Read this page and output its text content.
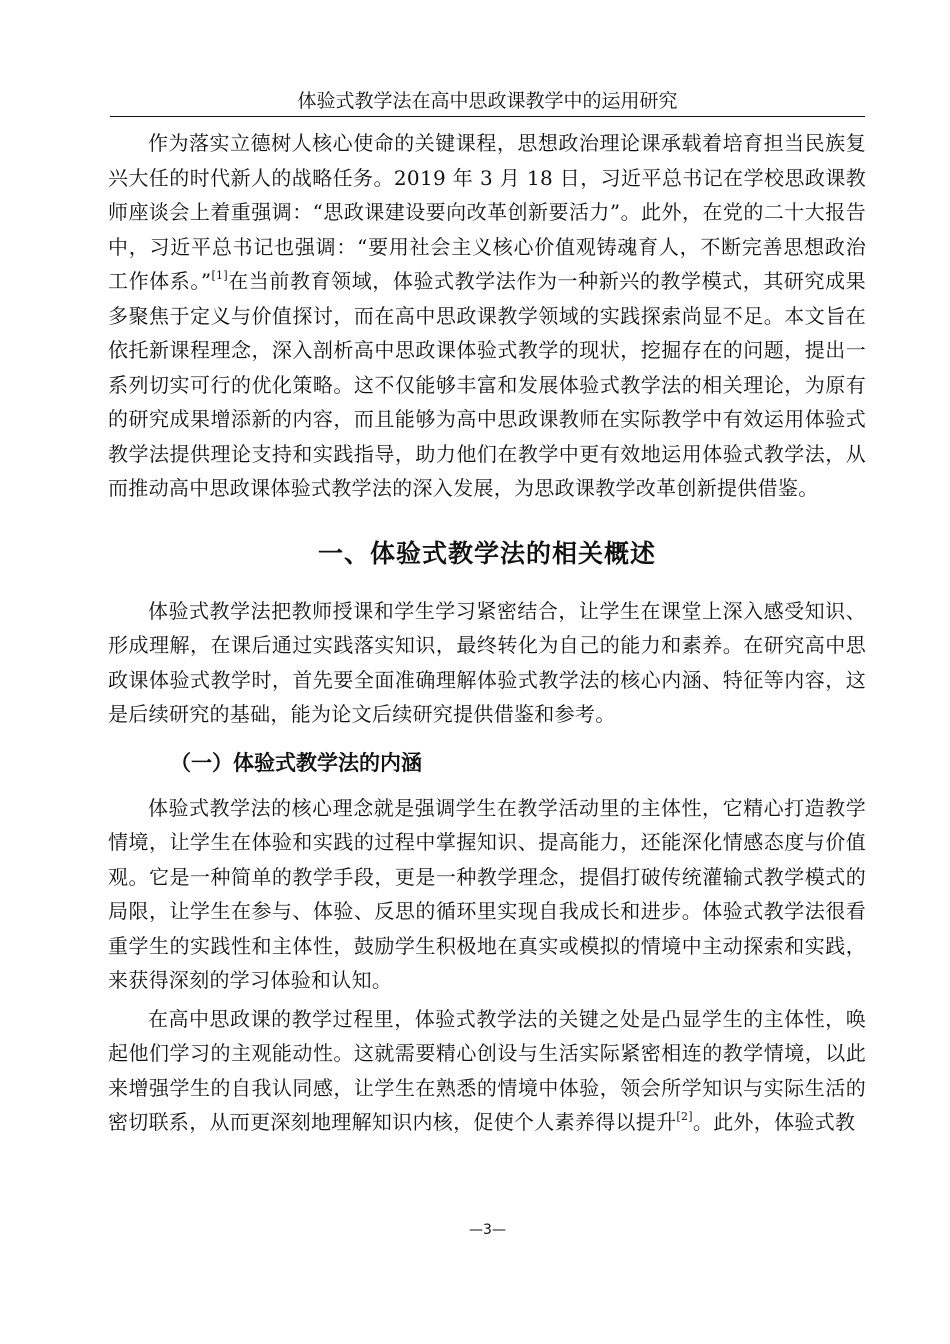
体验式教学法在高中思政课教学中的运用研究

作为落实立德树人核心使命的关键课程，思想政治理论课承载着培育担当民族复兴大任的时代新人的战略任务。2019 年 3 月 18 日，习近平总书记在学校思政课教师座谈会上着重强调：“思政课建设要向改革创新要活力”。此外，在党的二十大报告中，习近平总书记也强调：“要用社会主义核心价值观铸魂育人，不断完善思想政治工作体系。”[1]在当前教育领域，体验式教学法作为一种新兴的教学模式，其研究成果多聚焦于定义与价值探讨，而在高中思政课教学领域的实践探索尚显不足。本文旨在依托新课程理念，深入剖析高中思政课体验式教学的现状，挖掘存在的问题，提出一系列切实可行的优化策略。这不仅能够丰富和发展体验式教学法的相关理论，为原有的研究成果增添新的内容，而且能够为高中思政课教师在实际教学中有效运用体验式教学法提供理论支持和实践指导，助力他们在教学中更有效地运用体验式教学法，从而推动高中思政课体验式教学法的深入发展，为思政课教学改革创新提供借鉴。

一、体验式教学法的相关概述

体验式教学法把教师授课和学生学习紧密结合，让学生在课堂上深入感受知识、形成理解，在课后通过实践落实知识，最终转化为自己的能力和素养。在研究高中思政课体验式教学时，首先要全面准确理解体验式教学法的核心内涵、特征等内容，这是后续研究的基础，能为论文后续研究提供借鉴和参考。

（一）体验式教学法的内涵

体验式教学法的核心理念就是强调学生在教学活动里的主体性，它精心打造教学情境，让学生在体验和实践的过程中掌握知识、提高能力，还能深化情感态度与价值观。它是一种简单的教学手段，更是一种教学理念，提倡打破传统灌输式教学模式的局限，让学生在参与、体验、反思的循环里实现自我成长和进步。体验式教学法很看重学生的实践性和主体性，鼓励学生积极地在真实或模拟的情境中主动探索和实践，来获得深刻的学习体验和认知。

在高中思政课的教学过程里，体验式教学法的关键之处是凸显学生的主体性，唤起他们学习的主观能动性。这就需要精心创设与生活实际紧密相连的教学情境，以此来增强学生的自我认同感，让学生在熟悉的情境中体验，领会所学知识与实际生活的密切联系，从而更深刻地理解知识内核，促使个人素养得以提升[2]。此外，体验式教

—3—
